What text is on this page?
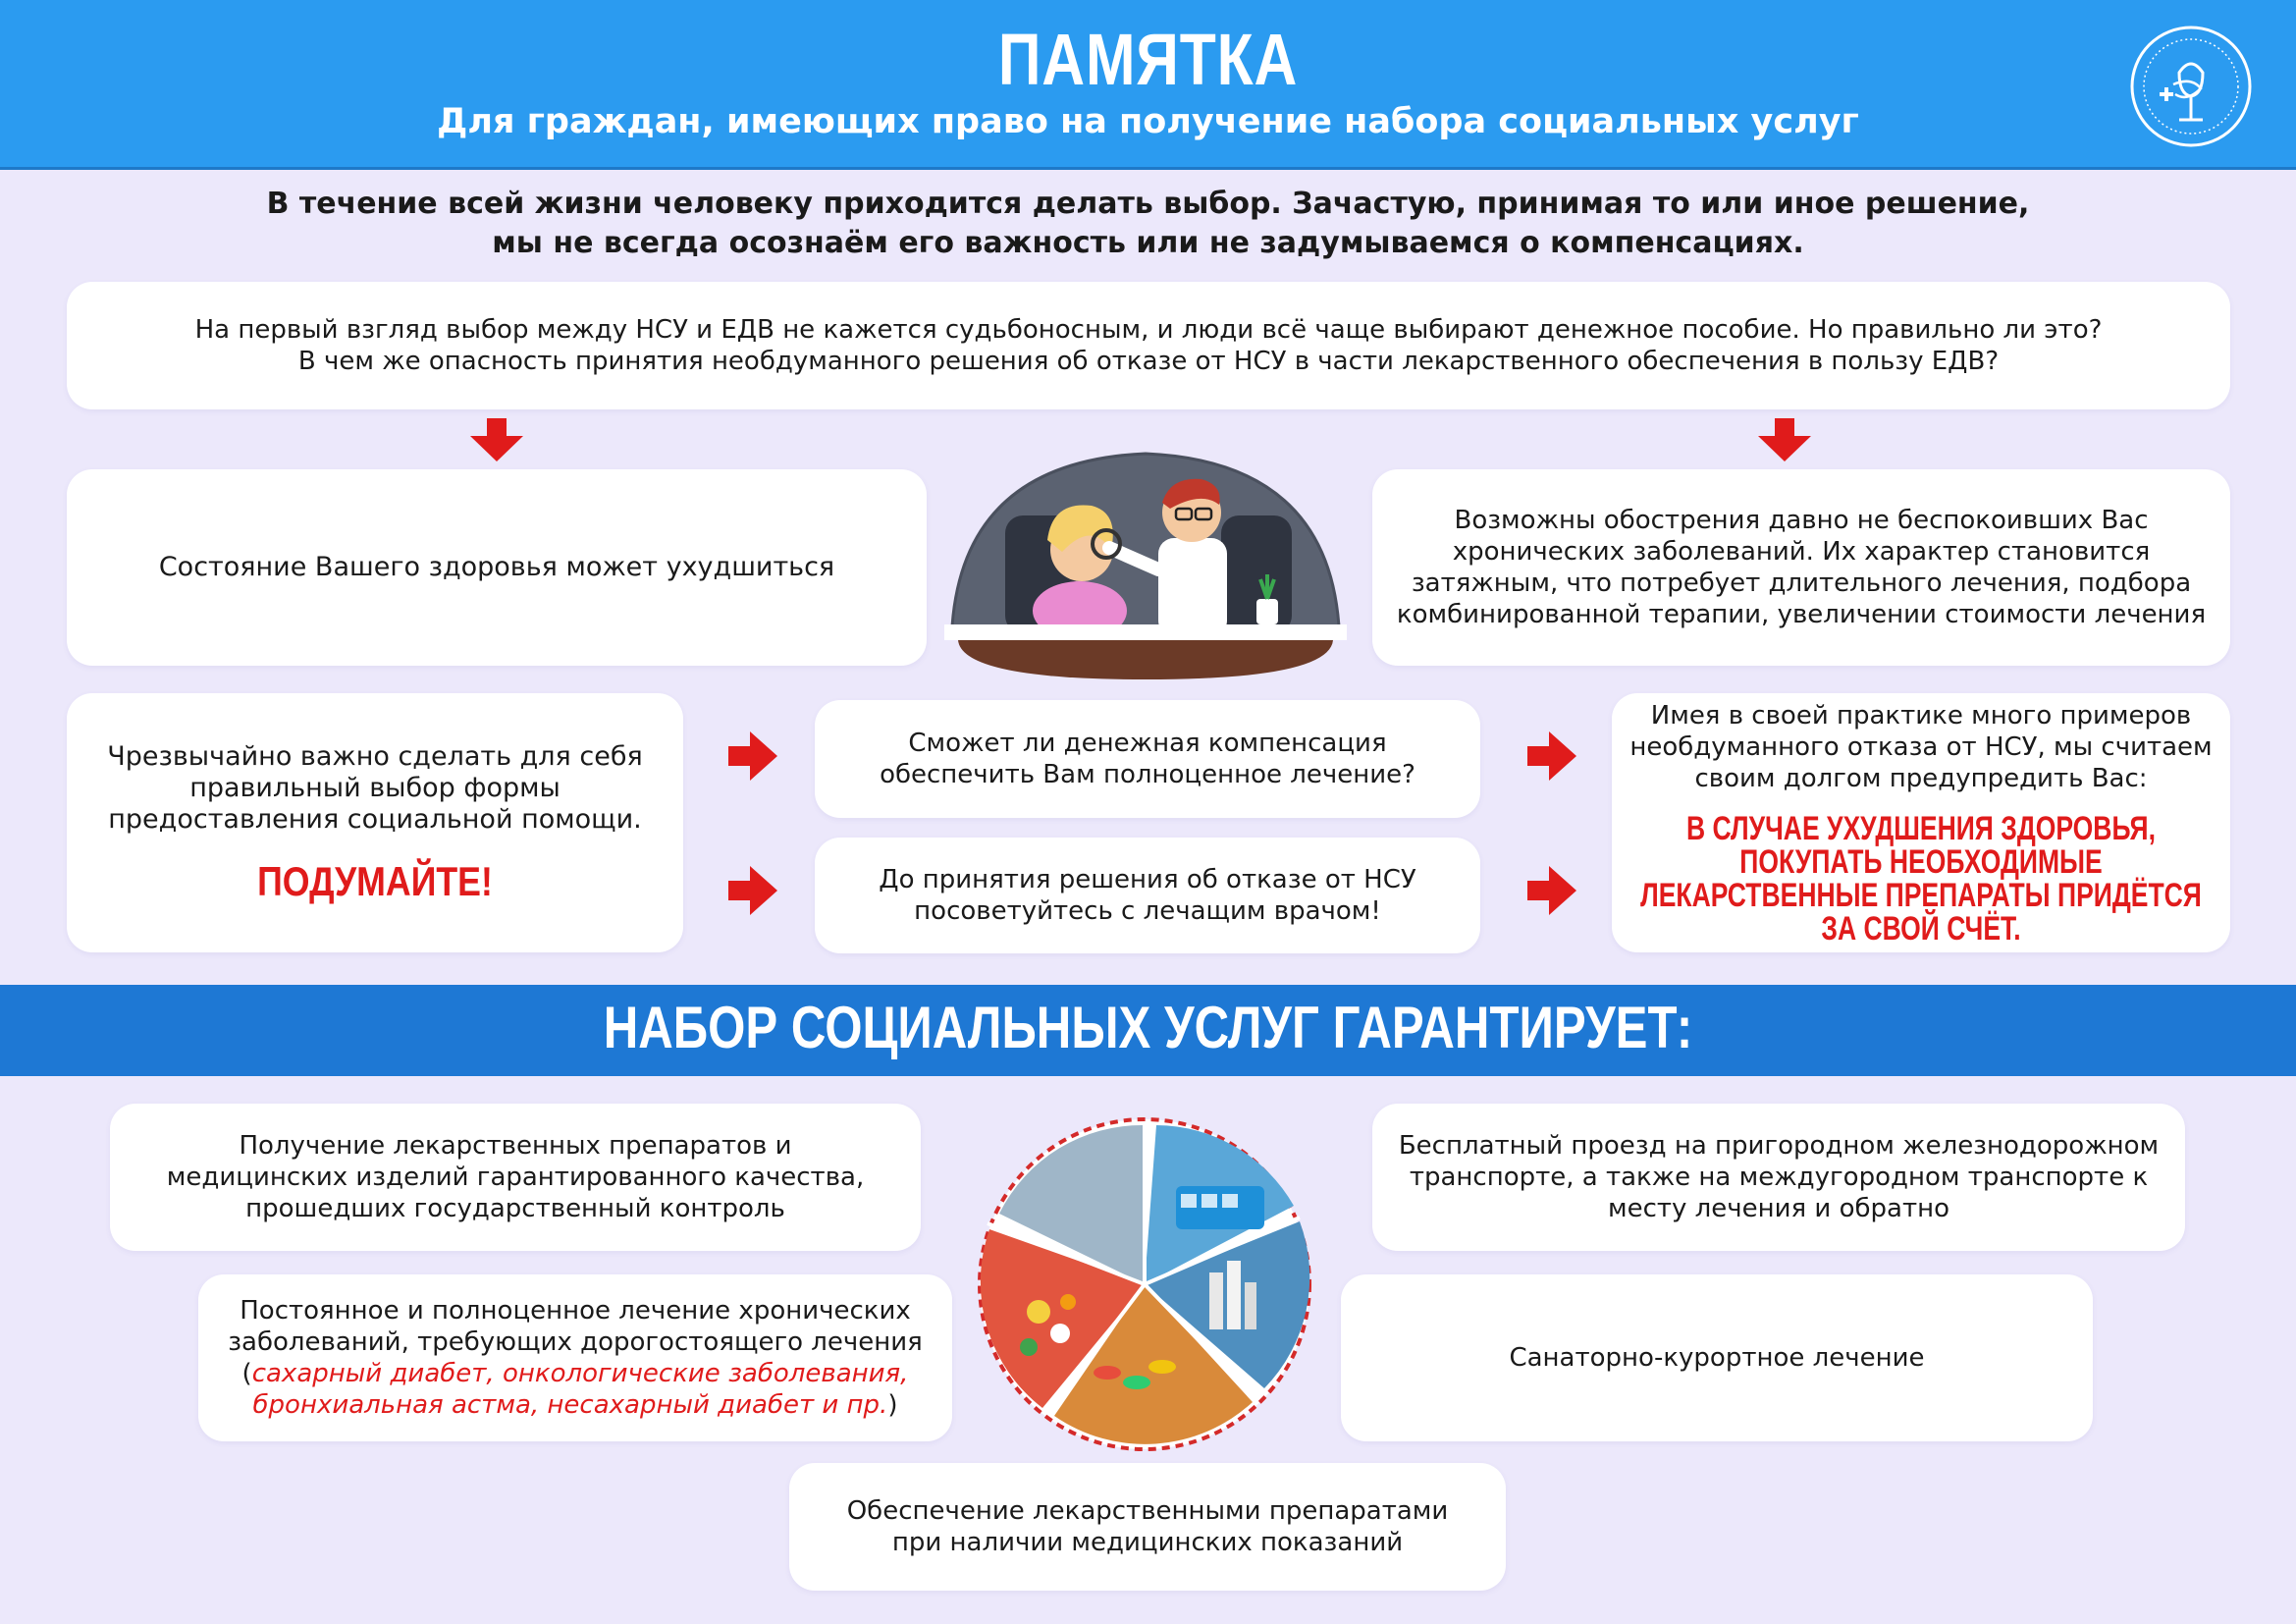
ПАМЯТКА
Для граждан, имеющих право на получение набора социальных услуг
В течение всей жизни человеку приходится делать выбор. Зачастую, принимая то или иное решение,
мы не всегда осознаём его важность или не задумываемся о компенсациях.
На первый взгляд выбор между НСУ и ЕДВ не кажется судьбоносным, и люди всё чаще выбирают денежное пособие. Но правильно ли это?
В чем же опасность принятия необдуманного решения об отказе от НСУ в части лекарственного обеспечения в пользу ЕДВ?
Состояние Вашего здоровья может ухудшиться
Возможны обострения давно не беспокоивших Вас хронических заболеваний. Их характер становится затяжным, что потребует длительного лечения, подбора комбинированной терапии, увеличении стоимости лечения
Чрезвычайно важно сделать для себя правильный выбор формы предоставления социальной помощи.
ПОДУМАЙТЕ!
Сможет ли денежная компенсация обеспечить Вам полноценное лечение?
До принятия решения об отказе от НСУ посоветуйтесь с лечащим врачом!
Имея в своей практике много примеров необдуманного отказа от НСУ, мы считаем своим долгом предупредить Вас:
В СЛУЧАЕ УХУДШЕНИЯ ЗДОРОВЬЯ, ПОКУПАТЬ НЕОБХОДИМЫЕ ЛЕКАРСТВЕННЫЕ ПРЕПАРАТЫ ПРИДЁТСЯ ЗА СВОЙ СЧЁТ.
НАБОР СОЦИАЛЬНЫХ УСЛУГ ГАРАНТИРУЕТ:
Получение лекарственных препаратов и медицинских изделий гарантированного качества, прошедших государственный контроль
Бесплатный проезд на пригородном железнодорожном транспорте, а также на междугородном транспорте к месту лечения и обратно
Постоянное и полноценное лечение хронических заболеваний, требующих дорогостоящего лечения (сахарный диабет, онкологические заболевания, бронхиальная астма, несахарный диабет и пр.)
Санаторно-курортное лечение
Обеспечение лекарственными препаратами при наличии медицинских показаний
